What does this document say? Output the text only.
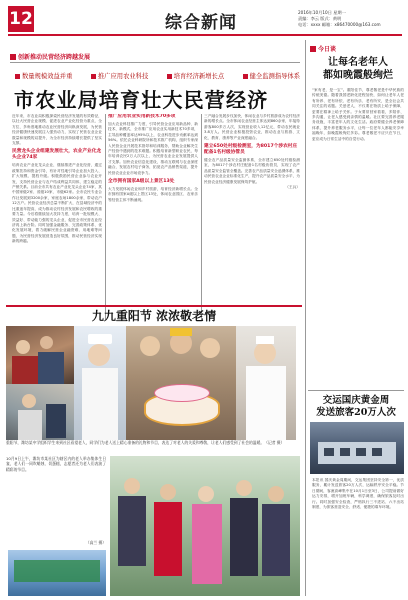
12	综合新闻
2016年10月10日 星期一
责编：李云 版式：黄明
电话：xxxx 邮箱：x86470000@163.com
创新推动民营经济跨越发展
数量规模效益并重	推广应用农业科技	培育经济新增长点	健全监测指导体系
市农业局培育壮大民营经济
近年来，市农业局积极探索民营经济发展的有效路径，以壮大民营企业规模、促进农业产业化经营为重点，全方位、多角度地推动农业民营经济向纵深发展，为民营经济健康快速发展注入强劲动力，实现了民营农业企业数量和规模的双提升，为全市经济持续增长提供了坚实支撑。
民营龙头企业组建发展壮大，农业产业化龙头企业74家
培育农业产业化龙头企业，继续推进产业化经营，通过政策扶持和资金引导，有针对性地引导企业加大投入、扩大规模、提档升级。积极鼓励民营企业参与农业开发，支持民营企业与农户结成利益共同体，建立稳定的产销关系。目前全市共有农业产业化龙头企业74家，其中国家级2家、省级10家、市级62家。全市农民专业合作社发展到3200余家，家庭农场1800余家，带动农户12万户。民营农业经济总量不断扩大，在县域经济中的比重逐年提高，成为推动农村经济发展和农民增收的重要力量。今后将继续加大扶持力度，培育一批规模大、效益好、带动能力强的龙头企业，促进全市民营农业经济再上新台阶。同时加强金融服务、完善政策体系、优化发展环境，着力破解民营企业融资难、用地难等问题，为民营经济发展营造良好氛围，推动民营经济实现新的跨越。
推广应用农业实用新技术70多项
加大农业科技推广力度，引导民营企业应用新品种、新技术、新模式，全市推广应用农业实用新技术70多项，主导品种覆盖率达95%以上，农业科技进步贡献率达到56%。依托农业科研院所和技术推广机构，组织专家深入民营企业开展技术指导和培训服务，帮助企业解决生产经营中遇到的技术难题。积极培育新型职业农民，每年培训农民2万人次以上，为民营农业企业发展提供人才支撑。加快农业信息化建设，推动互联网与农业深度融合，发展农村电子商务，拓宽农产品销售渠道，提升民营农业企业市场竞争力。
全市拥有国家A级以上景区13处
大力发展休闲农业和乡村旅游，培育经济新增长点。全市拥有国家A级以上景区13处，休闲农业园区、农家乐等经营主体不断涌现。
三产融合发展步伐加快，休闲农业与乡村旅游成为农村经济新的增长点。全市休闲农业经营主体达到860余家，年接待游客800多万人次，实现营业收入12亿元，带动农民就业3.8万人。民营企业积极投资农业，推动农业与旅游、文化、教育、康养等产业深度融合。
建立650处村级检测室，为8017个涉农村庄配备1名村级协管员
健全农产品质量安全监测体系，全市建立650处村级检测室，为8017个涉农村庄配备1名村级协管员，实现了农产品质量安全监管全覆盖。完善农产品质量安全追溯体系，推动民营农业企业标准化生产，提升农产品质量安全水平，为民营农业经济健康发展保驾护航。
（王兵）
九九重阳节 浓浓敬老情
重阳节，潍坊某中学组织学生来到社区看望老人，同学们为老人送上精心准备的礼物和节目，表达了对老人的关爱和尊敬，让老人们感受到了社会的温暖。（记者 摄）
10月9日上午，潍坊市某社区为辖区内的老人举办集体生日宴，老人们一同吹蜡烛、切蛋糕，志愿者还为老人们表演了精彩的节目。
（高兰 摄）
今日谈
让每名老年人
都如晚霞般绚烂
“家有老，是一宝”。重阳佳节，尊老敬老是中华民族的传统美德。随着我国老龄化进程加快，如何让老年人老有所养、老有所依、老有所乐、老有所安，是全社会共同关注的话题。关爱老人，不仅要在物质上给予保障，更要在精神上给予关怀。子女要常回家看看，多陪伴、多沟通，让老人感受到亲情的温暖。社区要完善养老服务设施，丰富老年人的文化生活。政府要健全养老保障体系，提升养老服务水平，让每一位老年人都能安享幸福晚年，如晚霞般绚烂多彩。尊老敬老不应只在节日，更应成为日常生活中的自觉行动。
交运国庆黄金周
发送旅客20万人次
本报讯 国庆黄金周期间，交运集团坚持安全第一，优质服务，累计发送旅客20万人次，运输秩序安全平稳。节日期间，客流高峰集中在10月1日至3日，公司提前做好运力安排，增开加班车辆，科学调度，确保旅客及时出行。同时加强安全检查，严格执行三不进站、六不出站制度，为旅客营造安全、舒适、便捷的乘车环境。
